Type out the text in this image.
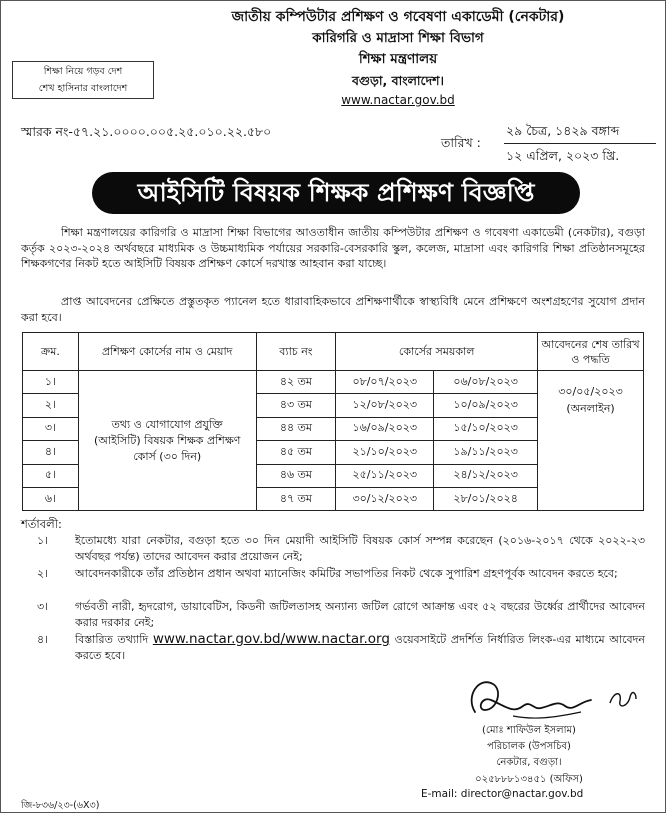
শিক্ষা নিয়ে গড়ব দেশ
শেখ হাসিনার বাংলাদেশ
জাতীয় কম্পিউটার প্রশিক্ষণ ও গবেষণা একাডেমী (নেকটার)
কারিগরি ও মাদ্রাসা শিক্ষা বিভাগ
শিক্ষা মন্ত্রণালয়
বগুড়া, বাংলাদেশ।
www.nactar.gov.bd
স্মারক নং-৫৭.২১.০০০০.০০৫.২৫.০১০.২২.৫৮০
তারিখ :
২৯ চৈত্র, ১৪২৯ বঙ্গাব্দ
১২ এপ্রিল, ২০২৩ খ্রি.
আইসিটি বিষয়ক শিক্ষক প্রশিক্ষণ বিজ্ঞপ্তি
শিক্ষা মন্ত্রণালয়ের কারিগরি ও মাদ্রাসা শিক্ষা বিভাগের আওতাধীন জাতীয় কম্পিউটার প্রশিক্ষণ ও গবেষণা একাডেমী (নেকটার), বগুড়া কর্তৃক ২০২৩-২০২৪ অর্থবছরে মাধ্যমিক ও উচ্চমাধ্যমিক পর্যায়ের সরকারি-বেসরকারি স্কুল, কলেজ, মাদ্রাসা এবং কারিগরি শিক্ষা প্রতিষ্ঠানসমূহের শিক্ষকগণের নিকট হতে আইসিটি বিষয়ক প্রশিক্ষণ কোর্সে দরখাস্ত আহবান করা যাচ্ছে।
প্রাপ্ত আবেদনের প্রেক্ষিতে প্রস্তুতকৃত প্যানেল হতে ধারাবাহিকভাবে প্রশিক্ষণার্থীকে স্বাস্থ্যবিধি মেনে প্রশিক্ষণে অংশগ্রহণের সুযোগ প্রদান করা হবে।
ক্রম.	প্রশিক্ষণ কোর্সের নাম ও মেয়াদ	ব্যাচ নং	কোর্সের সময়কাল		আবেদনের শেষ তারিখ ও পদ্ধতি
১।	তথ্য ও যোগাযোগ প্রযুক্তি (আইসিটি) বিষয়ক শিক্ষক প্রশিক্ষণ কোর্স (৩০ দিন)	৪২ তম	০৮/০৭/২০২৩	০৬/০৮/২০২৩	৩০/০৫/২০২৩
(অনলাইন)

২।		৪৩ তম	১২/০৮/২০২৩	১০/০৯/২০২৩	
৩।		৪৪ তম	১৬/০৯/২০২৩	১৫/১০/২০২৩	
৪।		৪৫ তম	২১/১০/২০২৩	১৯/১১/২০২৩	
৫।		৪৬ তম	২৫/১১/২০২৩	২৪/১২/২০২৩	
৬।		৪৭ তম	৩০/১২/২০২৩	২৮/০১/২০২৪	
শর্তাবলী:
১।	ইতোমধ্যে যারা নেকটার, বগুড়া হতে ৩০ দিন মেয়াদী আইসিটি বিষয়ক কোর্স সম্পন্ন করেছেন (২০১৬-২০১৭ থেকে ২০২২-২৩ অর্থবছর পর্যন্ত) তাদের আবেদন করার প্রয়োজন নেই;
২।	আবেদনকারীকে তাঁর প্রতিষ্ঠান প্রধান অথবা ম্যানেজিং কমিটির সভাপতির নিকট থেকে সুপারিশ গ্রহণপূর্বক আবেদন করতে হবে;
৩।	গর্ভবতী নারী, হৃদরোগ, ডায়াবেটিস, কিডনী জটিলতাসহ অন্যান্য জটিল রোগে আক্রান্ত এবং ৫২ বছরের উর্ধ্বের প্রার্থীদের আবেদন করার দরকার নেই;
৪।	বিস্তারিত তথ্যাদি www.nactar.gov.bd/www.nactar.org ওয়েবসাইটে প্রদর্শিত নির্ধারিত লিংক-এর মাধ্যমে আবেদন করতে হবে।
(মোঃ শাফিউল ইসলাম)
পরিচালক (উপসচিব)
নেকটার, বগুড়া।
০২৫৮৮৮১৩৪৫১ (অফিস)
E-mail: director@nactar.gov.bd
জি-৮৩৬/২৩-(৬X৩)
